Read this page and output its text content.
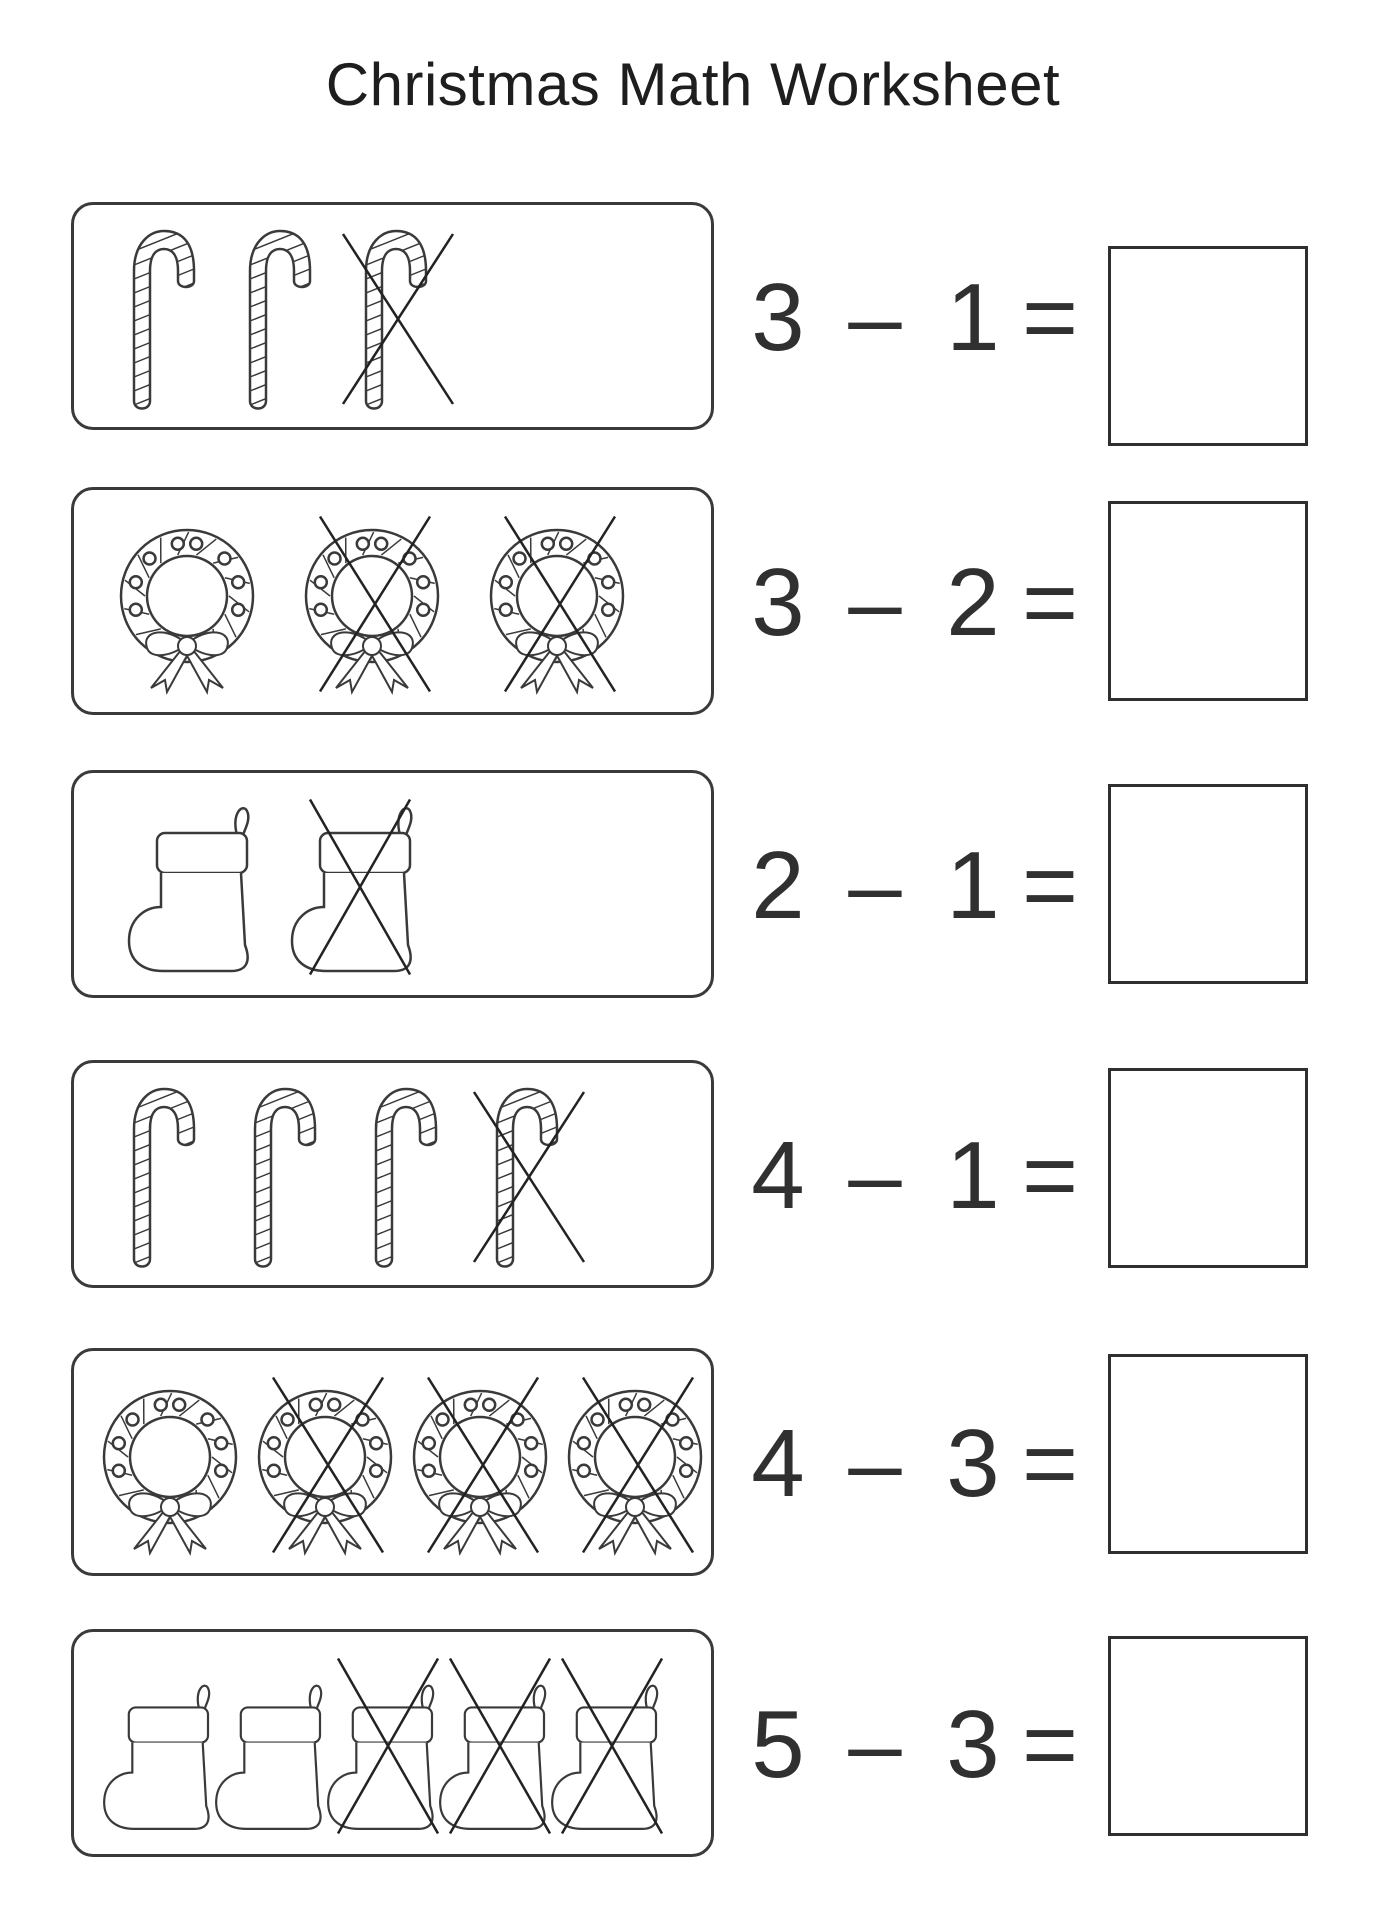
Christmas Math Worksheet
3 – 1 =
3 – 2 =
2 – 1 =
4 – 1 =
4 – 3 =
5 – 3 =
